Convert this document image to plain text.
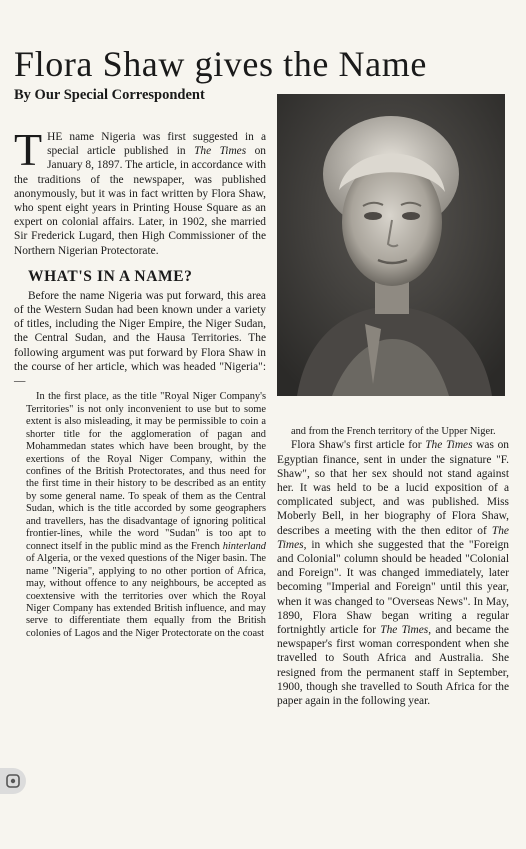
Flora Shaw gives the Name
By Our Special Correspondent

THE name Nigeria was first suggested in a special article published in The Times on January 8, 1897. The article, in accordance with the traditions of the newspaper, was published anonymously, but it was in fact written by Flora Shaw, who spent eight years in Printing House Square as an expert on colonial affairs. Later, in 1902, she married Sir Frederick Lugard, then High Commissioner of the Northern Nigerian Protectorate.

WHAT'S IN A NAME?

Before the name Nigeria was put forward, this area of the Western Sudan had been known under a variety of titles, including the Niger Empire, the Niger Sudan, the Central Sudan, and the Hausa Territories. The following argument was put forward by Flora Shaw in the course of her article, which was headed "Nigeria":—

In the first place, as the title "Royal Niger Company's Territories" is not only inconvenient to use but to some extent is also misleading, it may be permissible to coin a shorter title for the agglomeration of pagan and Mohammedan states which have been brought, by the exertions of the Royal Niger Company, within the confines of the British Protectorates, and thus need for the first time in their history to be described as an entity by some general name. To speak of them as the Central Sudan, which is the title accorded by some geographers and travellers, has the disadvantage of ignoring political frontier-lines, while the word "Sudan" is too apt to connect itself in the public mind as the French hinterland of Algeria, or the vexed questions of the Niger basin. The name "Nigeria", applying to no other portion of Africa, may, without offence to any neighbours, be accepted as coextensive with the territories over which the Royal Niger Company has extended British influence, and may serve to differentiate them equally from the British colonies of Lagos and the Niger Protectorate on the coast

and from the French territory of the Upper Niger.

Flora Shaw's first article for The Times was on Egyptian finance, sent in under the signature "F. Shaw", so that her sex should not stand against her. It was held to be a lucid exposition of a complicated subject, and was published. Miss Moberly Bell, in her biography of Flora Shaw, describes a meeting with the then editor of The Times, in which she suggested that the "Foreign and Colonial" column should be headed "Colonial and Foreign". It was changed immediately, later becoming "Imperial and Foreign" until this year, when it was changed to "Overseas News". In May, 1890, Flora Shaw began writing a regular fortnightly article for The Times, and became the newspaper's first woman correspondent when she travelled to South Africa and Australia. She resigned from the permanent staff in September, 1900, though she travelled to South Africa for the paper again in the following year.
